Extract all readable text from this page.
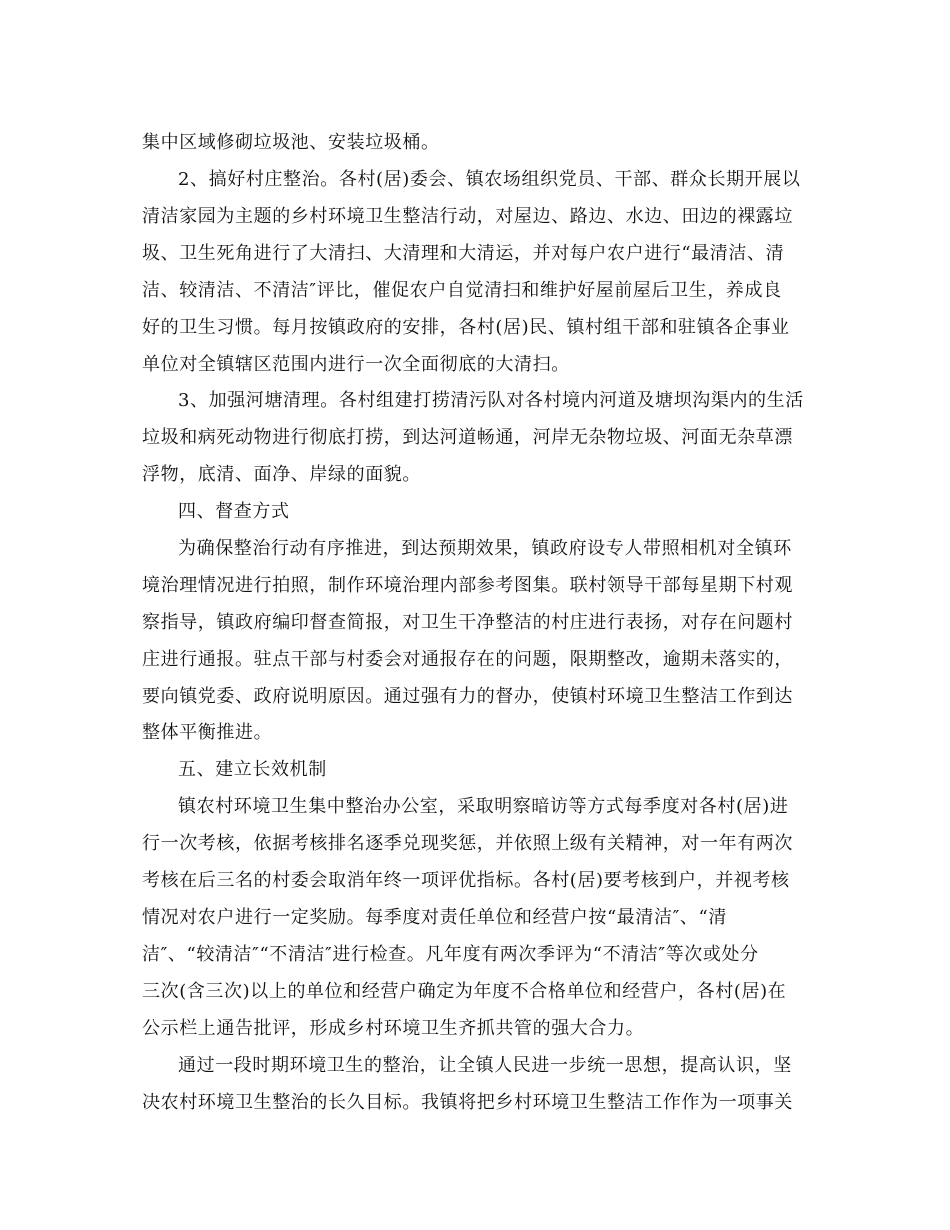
集中区域修砌垃圾池、安装垃圾桶。
2、搞好村庄整治。各村(居)委会、镇农场组织党员、干部、群众长期开展以
清洁家园为主题的乡村环境卫生整洁行动，对屋边、路边、水边、田边的裸露垃
圾、卫生死角进行了大清扫、大清理和大清运，并对每户农户进行“最清洁、清
洁、较清洁、不清洁″评比，催促农户自觉清扫和维护好屋前屋后卫生，养成良
好的卫生习惯。每月按镇政府的安排，各村(居)民、镇村组干部和驻镇各企事业
单位对全镇辖区范围内进行一次全面彻底的大清扫。
3、加强河塘清理。各村组建打捞清污队对各村境内河道及塘坝沟渠内的生活
垃圾和病死动物进行彻底打捞，到达河道畅通，河岸无杂物垃圾、河面无杂草漂
浮物，底清、面净、岸绿的面貌。
四、督查方式
为确保整治行动有序推进，到达预期效果，镇政府设专人带照相机对全镇环
境治理情况进行拍照，制作环境治理内部参考图集。联村领导干部每星期下村观
察指导，镇政府编印督查简报，对卫生干净整洁的村庄进行表扬，对存在问题村
庄进行通报。驻点干部与村委会对通报存在的问题，限期整改，逾期未落实的，
要向镇党委、政府说明原因。通过强有力的督办，使镇村环境卫生整洁工作到达
整体平衡推进。
五、建立长效机制
镇农村环境卫生集中整治办公室，采取明察暗访等方式每季度对各村(居)进
行一次考核，依据考核排名逐季兑现奖惩，并依照上级有关精神，对一年有两次
考核在后三名的村委会取消年终一项评优指标。各村(居)要考核到户，并视考核
情况对农户进行一定奖励。每季度对责任单位和经营户按“最清洁″、“清
洁″、“较清洁″“不清洁″进行检查。凡年度有两次季评为“不清洁″等次或处分
三次(含三次)以上的单位和经营户确定为年度不合格单位和经营户，各村(居)在
公示栏上通告批评，形成乡村环境卫生齐抓共管的强大合力。
通过一段时期环境卫生的整治，让全镇人民进一步统一思想，提高认识，坚
决农村环境卫生整治的长久目标。我镇将把乡村环境卫生整洁工作作为一项事关
